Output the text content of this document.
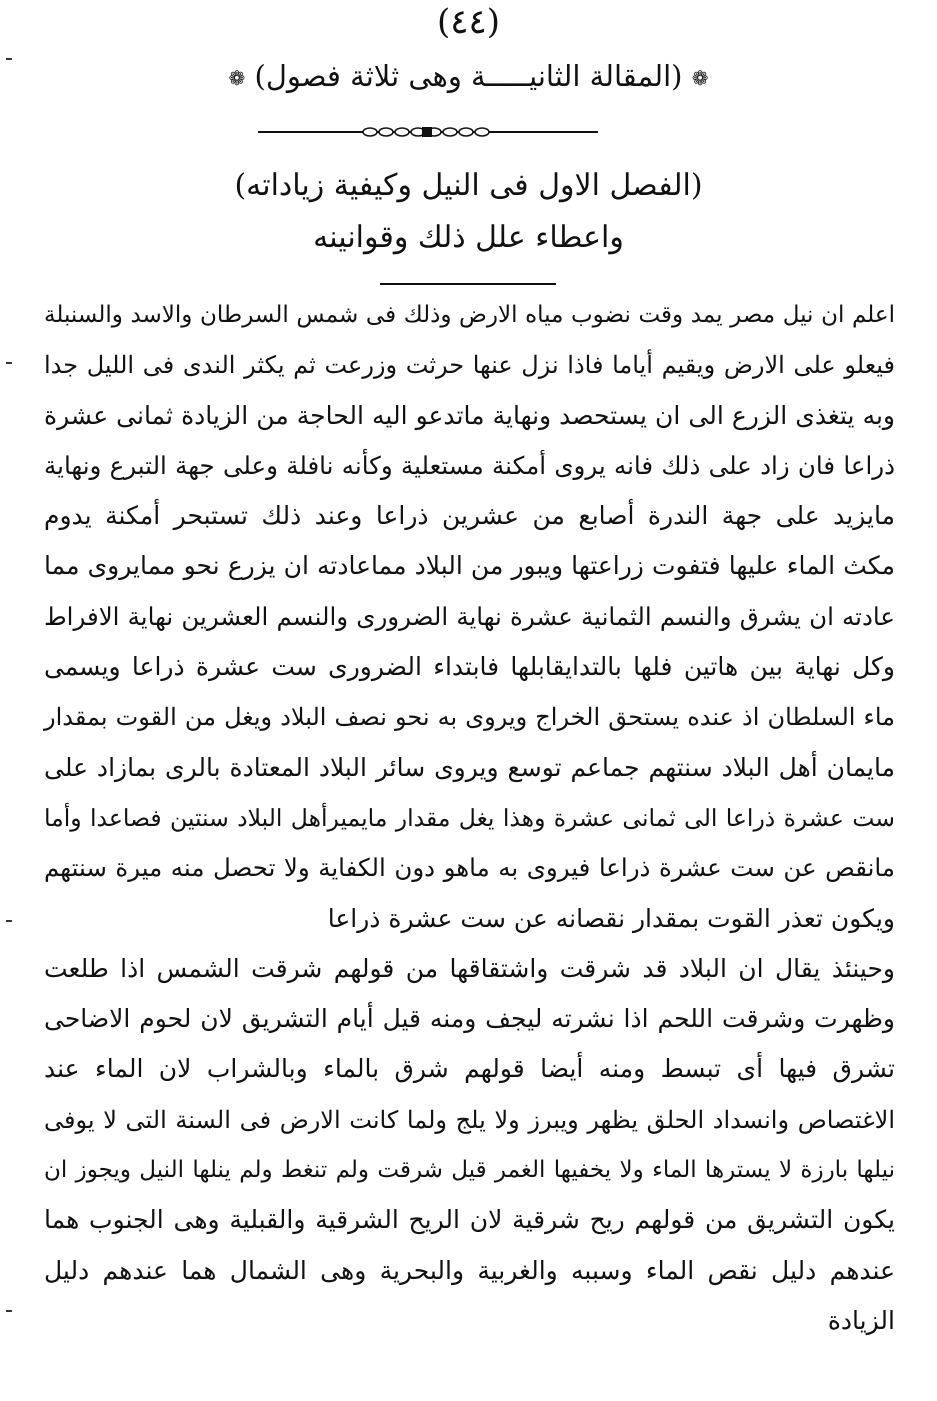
(٤٤)
❁ (المقالة الثانيـــــة وهى ثلاثة فصول) ❁
(الفصل الاول فى النيل وكيفية زياداته)
واعطاء علل ذلك وقوانينه
اعلم ان نيل مصر يمد وقت نضوب مياه الارض وذلك فى شمس السرطان والاسد والسنبلة
فيعلو على الارض ويقيم أياما فاذا نزل عنها حرثت وزرعت ثم يكثر الندى فى الليل جدا
وبه يتغذى الزرع الى ان يستحصد ونهاية ماتدعو اليه الحاجة من الزيادة ثمانى عشرة
ذراعا فان زاد على ذلك فانه يروى أمكنة مستعلية وكأنه نافلة وعلى جهة التبرع ونهاية
مايزيد على جهة الندرة أصابع من عشرين ذراعا وعند ذلك تستبحر أمكنة يدوم
مكث الماء عليها فتفوت زراعتها ويبور من البلاد مماعادته ان يزرع نحو ممايروى مما
عادته ان يشرق والنسم الثمانية عشرة نهاية الضرورى والنسم العشرين نهاية الافراط
وكل نهاية بين هاتين فلها بالتدايقابلها فابتداء الضرورى ست عشرة ذراعا ويسمى
ماء السلطان اذ عنده يستحق الخراج ويروى به نحو نصف البلاد ويغل من القوت بمقدار
مايمان أهل البلاد سنتهم جماعم توسع ويروى سائر البلاد المعتادة بالرى بمازاد على
ست عشرة ذراعا الى ثمانى عشرة وهذا يغل مقدار مايميرأهل البلاد سنتين فصاعدا وأما
مانقص عن ست عشرة ذراعا فيروى به ماهو دون الكفاية ولا تحصل منه ميرة سنتهم
ويكون تعذر القوت بمقدار نقصانه عن ست عشرة ذراعا
وحينئذ يقال ان البلاد قد شرقت واشتقاقها من قولهم شرقت الشمس اذا طلعت
وظهرت وشرقت اللحم اذا نشرته ليجف ومنه قيل أيام التشريق لان لحوم الاضاحى
تشرق فيها أى تبسط ومنه أيضا قولهم شرق بالماء وبالشراب لان الماء عند
الاغتصاص وانسداد الحلق يظهر ويبرز ولا يلج ولما كانت الارض فى السنة التى لا يوفى
نيلها بارزة لا يسترها الماء ولا يخفيها الغمر قيل شرقت ولم تنغط ولم ينلها النيل ويجوز ان
يكون التشريق من قولهم ريح شرقية لان الريح الشرقية والقبلية وهى الجنوب هما
عندهم دليل نقص الماء وسببه والغربية والبحرية وهى الشمال هما عندهم دليل
الزيادة
